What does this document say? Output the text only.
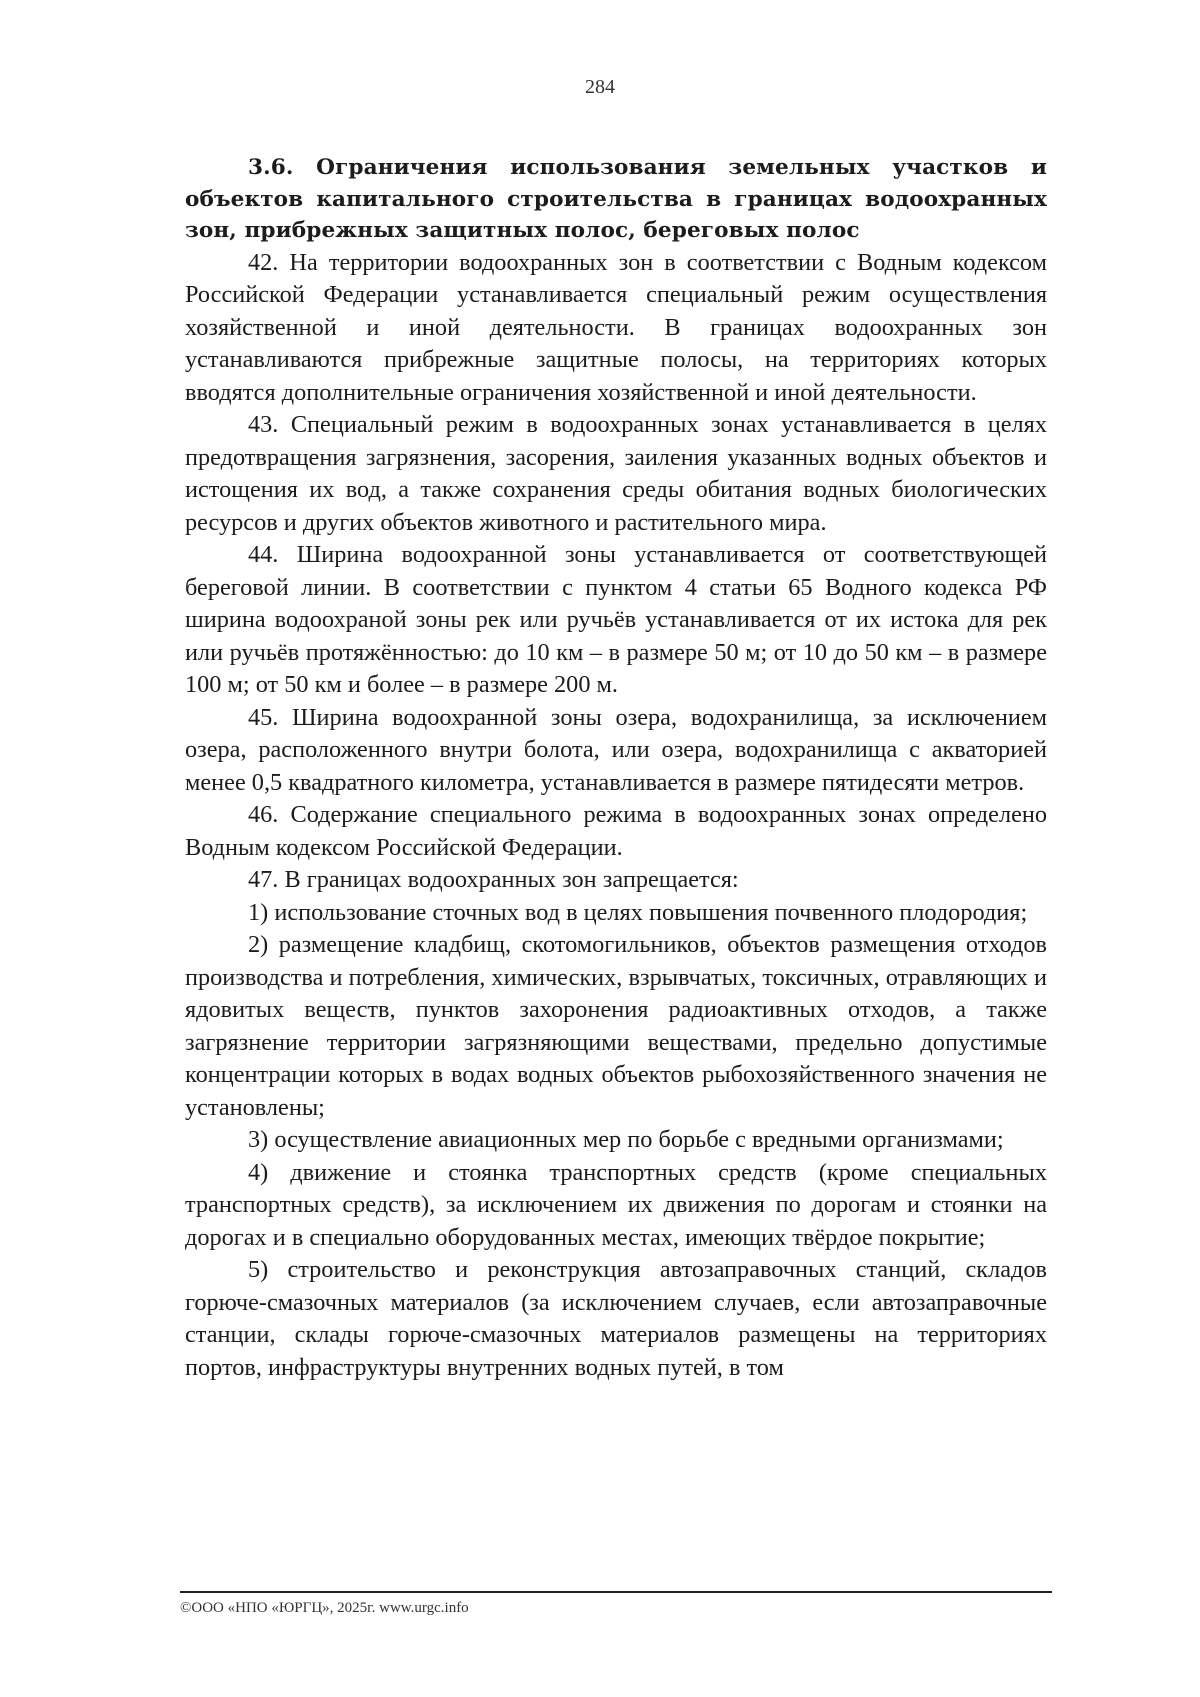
284

3.6. Ограничения использования земельных участков и объектов капитального строительства в границах водоохранных зон, прибрежных защитных полос, береговых полос

42. На территории водоохранных зон в соответствии с Водным кодексом Российской Федерации устанавливается специальный режим осуществления хозяйственной и иной деятельности. В границах водоохранных зон устанавливаются прибрежные защитные полосы, на территориях которых вводятся дополнительные ограничения хозяйственной и иной деятельности.

43. Специальный режим в водоохранных зонах устанавливается в целях предотвращения загрязнения, засорения, заиления указанных водных объектов и истощения их вод, а также сохранения среды обитания водных биологических ресурсов и других объектов животного и растительного мира.

44. Ширина водоохранной зоны устанавливается от соответствующей береговой линии. В соответствии с пунктом 4 статьи 65 Водного кодекса РФ ширина водоохраной зоны рек или ручьёв устанавливается от их истока для рек или ручьёв протяжённостью: до 10 км – в размере 50 м; от 10 до 50 км – в размере 100 м; от 50 км и более – в размере 200 м.

45. Ширина водоохранной зоны озера, водохранилища, за исключением озера, расположенного внутри болота, или озера, водохранилища с акваторией менее 0,5 квадратного километра, устанавливается в размере пятидесяти метров.

46. Содержание специального режима в водоохранных зонах определено Водным кодексом Российской Федерации.

47. В границах водоохранных зон запрещается:

1) использование сточных вод в целях повышения почвенного плодородия;

2) размещение кладбищ, скотомогильников, объектов размещения отходов производства и потребления, химических, взрывчатых, токсичных, отравляющих и ядовитых веществ, пунктов захоронения радиоактивных отходов, а также загрязнение территории загрязняющими веществами, предельно допустимые концентрации которых в водах водных объектов рыбохозяйственного значения не установлены;

3) осуществление авиационных мер по борьбе с вредными организмами;

4) движение и стоянка транспортных средств (кроме специальных транспортных средств), за исключением их движения по дорогам и стоянки на дорогах и в специально оборудованных местах, имеющих твёрдое покрытие;

5) строительство и реконструкция автозаправочных станций, складов горюче-смазочных материалов (за исключением случаев, если автозаправочные станции, склады горюче-смазочных материалов размещены на территориях портов, инфраструктуры внутренних водных путей, в том

©ООО «НПО «ЮРГЦ», 2025г. www.urgc.info
